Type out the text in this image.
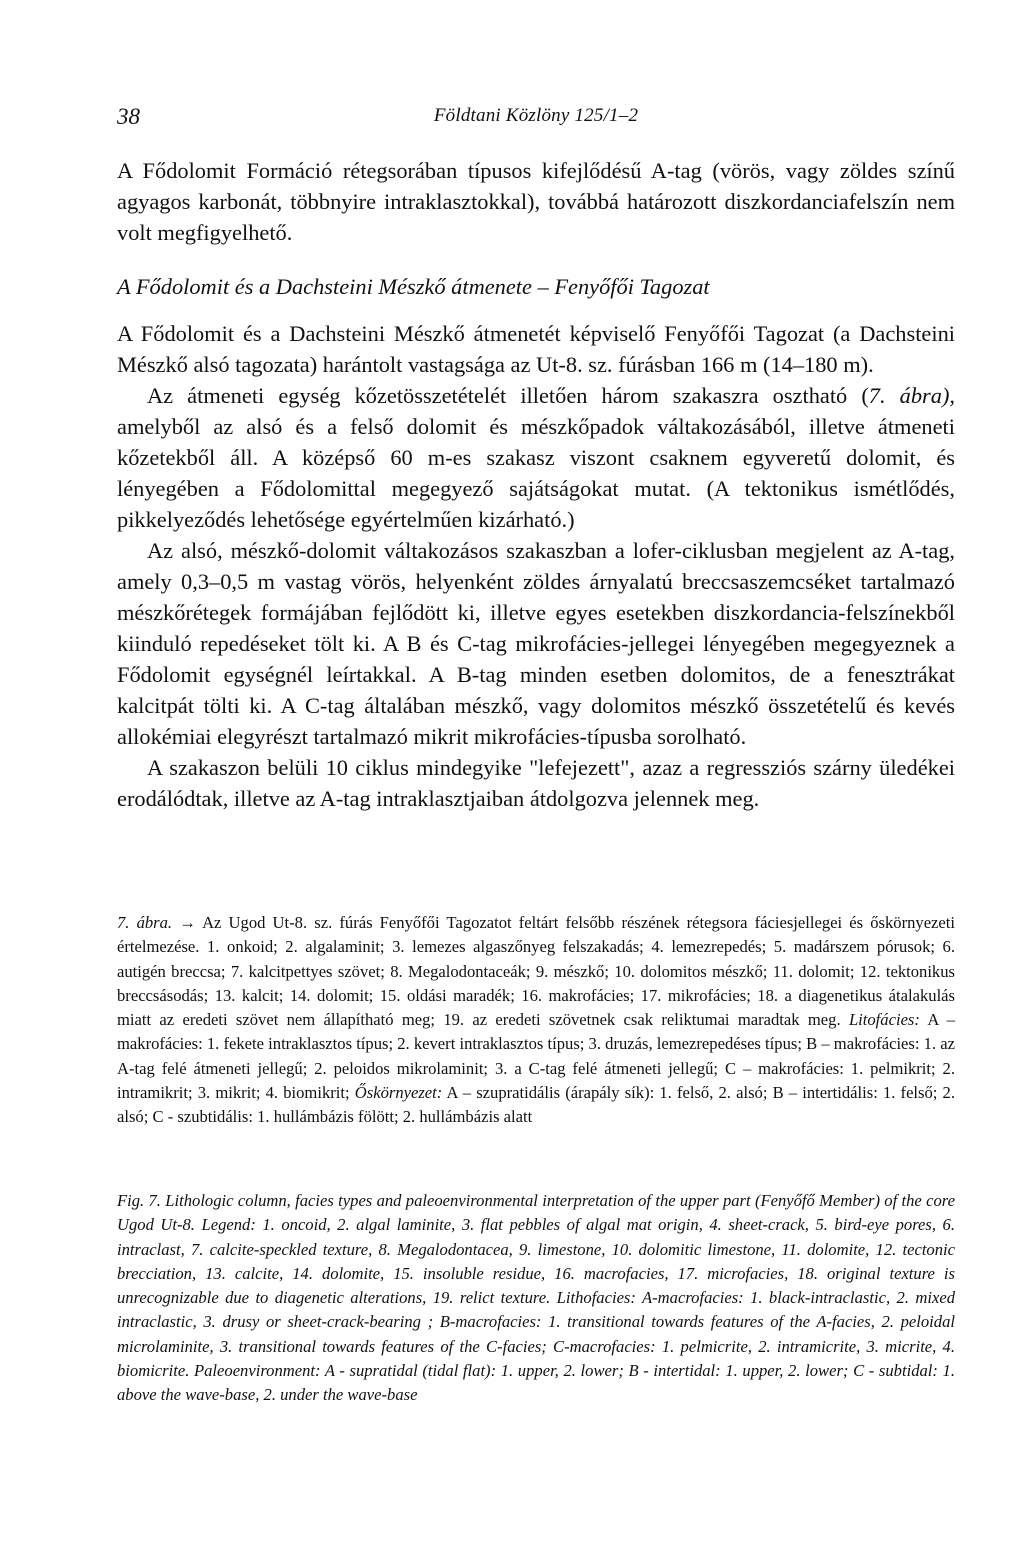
38	Földtani Közlöny 125/1–2

A Fődolomit Formáció rétegsorában típusos kifejlődésű A-tag (vörös, vagy zöldes színű agyagos karbonát, többnyire intraklasztokkal), továbbá határozott diszkordanciafelszín nem volt megfigyelhető.

A Fődolomit és a Dachsteini Mészkő átmenete – Fenyőfői Tagozat

A Fődolomit és a Dachsteini Mészkő átmenetét képviselő Fenyőfői Tagozat (a Dachsteini Mészkő alsó tagozata) harántolt vastagsága az Ut-8. sz. fúrásban 166 m (14–180 m).

Az átmeneti egység kőzetösszetételét illetően három szakaszra osztható (7. ábra), amelyből az alsó és a felső dolomit és mészkőpadok váltakozásából, illetve átmeneti kőzetekből áll. A középső 60 m-es szakasz viszont csaknem egyveretű dolomit, és lényegében a Fődolomittal megegyező sajátságokat mutat. (A tektonikus ismétlődés, pikkelyeződés lehetősége egyértelműen kizárható.)

Az alsó, mészkő-dolomit váltakozásos szakaszban a lofer-ciklusban megjelent az A-tag, amely 0,3–0,5 m vastag vörös, helyenként zöldes árnyalatú breccsaszemcséket tartalmazó mészkőrétegek formájában fejlődött ki, illetve egyes esetekben diszkordancia-felszínekből kiinduló repedéseket tölt ki. A B és C-tag mikrofácies-jellegei lényegében megegyeznek a Fődolomit egységnél leírtakkal. A B-tag minden esetben dolomitos, de a fenesztrákat kalcitpát tölti ki. A C-tag általában mészkő, vagy dolomitos mészkő összetételű és kevés allokémiai elegyrészt tartalmazó mikrit mikrofácies-típusba sorolható.

A szakaszon belüli 10 ciklus mindegyike "lefejezett", azaz a regressziós szárny üledékei erodálódtak, illetve az A-tag intraklasztjaiban átdolgozva jelennek meg.

7. ábra. → Az Ugod Ut-8. sz. fúrás Fenyőfői Tagozatot feltárt felsőbb részének rétegsora fáciesjellegei és őskörnyezeti értelmezése. 1. onkoid; 2. algalaminit; 3. lemezes algaszőnyeg felszakadás; 4. lemezrepedés; 5. madárszem pórusok; 6. autigén breccsa; 7. kalcitpettyes szövet; 8. Megalodontaceák; 9. mészkő; 10. dolomitos mészkő; 11. dolomit; 12. tektonikus breccsásodás; 13. kalcit; 14. dolomit; 15. oldási maradék; 16. makrofácies; 17. mikrofácies; 18. a diagenetikus átalakulás miatt az eredeti szövet nem állapítható meg; 19. az eredeti szövetnek csak reliktumai maradtak meg. Litofácies: A – makrofácies: 1. fekete intraklasztos típus; 2. kevert intraklasztos típus; 3. druzás, lemezrepedéses típus; B – makrofácies: 1. az A-tag felé átmeneti jellegű; 2. peloidos mikrolaminit; 3. a C-tag felé átmeneti jellegű; C – makrofácies: 1. pelmikrit; 2. intramikrit; 3. mikrit; 4. biomikrit; Őskörnyezet: A – szupratidális (árapály sík): 1. felső, 2. alsó; B – intertidális: 1. felső; 2. alsó; C - szubtidális: 1. hullámbázis fölött; 2. hullámbázis alatt
Fig. 7. Lithologic column, facies types and paleoenvironmental interpretation of the upper part (Fenyőfő Member) of the core Ugod Ut-8. Legend: 1. oncoid, 2. algal laminite, 3. flat pebbles of algal mat origin, 4. sheet-crack, 5. bird-eye pores, 6. intraclast, 7. calcite-speckled texture, 8. Megalodontacea, 9. limestone, 10. dolomitic limestone, 11. dolomite, 12. tectonic brecciation, 13. calcite, 14. dolomite, 15. insoluble residue, 16. macrofacies, 17. microfacies, 18. original texture is unrecognizable due to diagenetic alterations, 19. relict texture. Lithofacies: A-macrofacies: 1. black-intraclastic, 2. mixed intraclastic, 3. drusy or sheet-crack-bearing ; B-macrofacies: 1. transitional towards features of the A-facies, 2. peloidal microlaminite, 3. transitional towards features of the C-facies; C-macrofacies: 1. pelmicrite, 2. intramicrite, 3. micrite, 4. biomicrite. Paleoenvironment: A - supratidal (tidal flat): 1. upper, 2. lower; B - intertidal: 1. upper, 2. lower; C - subtidal: 1. above the wave-base, 2. under the wave-base
